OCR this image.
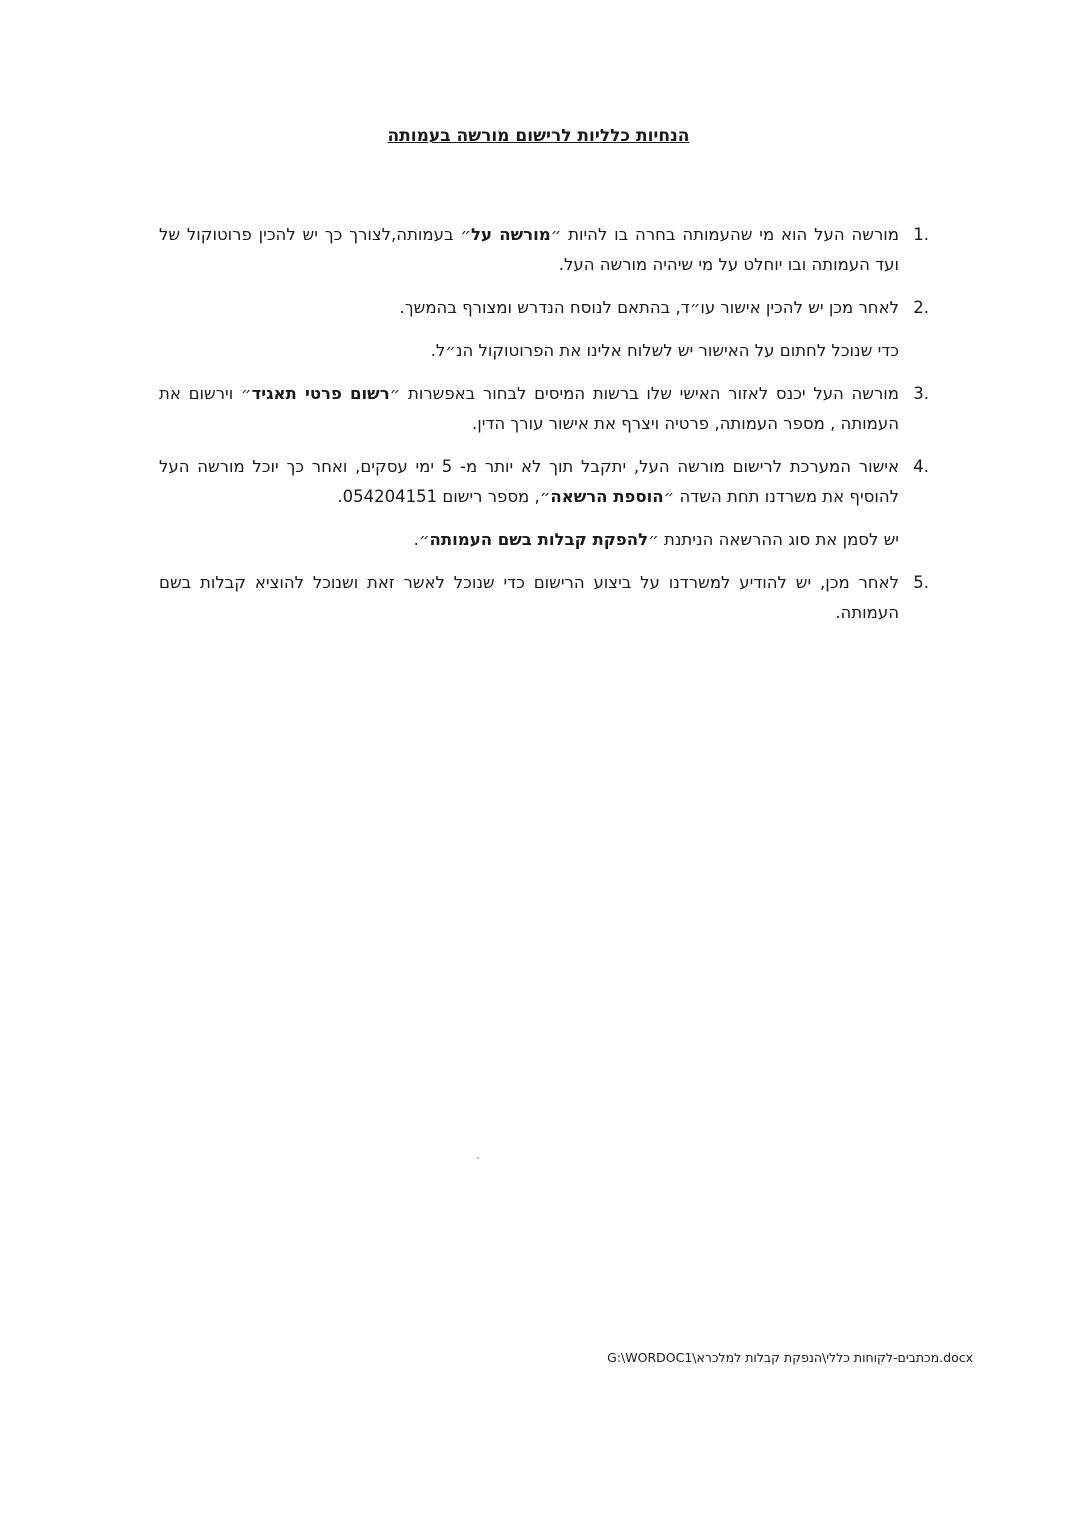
הנחיות כלליות לרישום מורשה בעמותה
1.
מורשה העל הוא מי שהעמותה בחרה בו להיות ״מורשה על״ בעמותה,לצורך כך יש להכין פרוטוקול של ועד העמותה ובו יוחלט על מי שיהיה מורשה העל.
2.
לאחר מכן יש להכין אישור עו״ד, בהתאם לנוסח הנדרש ומצורף בהמשך.
כדי שנוכל לחתום על האישור יש לשלוח אלינו את הפרוטוקול הנ״ל.
3.
מורשה העל יכנס לאזור האישי שלו ברשות המיסים לבחור באפשרות ״רשום פרטי תאגיד״ וירשום את העמותה , מספר העמותה, פרטיה ויצרף את אישור עורך הדין.
4.
אישור המערכת לרישום מורשה העל, יתקבל תוך לא יותר מ- 5 ימי עסקים, ואחר כך יוכל מורשה העל להוסיף את משרדנו תחת השדה ״הוספת הרשאה״, מספר רישום 054204151.
יש לסמן את סוג ההרשאה הניתנת ״להפקת קבלות בשם העמותה״.
5.
לאחר מכן, יש להודיע למשרדנו על ביצוע הרישום כדי שנוכל לאשר זאת ושנוכל להוציא קבלות בשם העמותה.
G:\WORDOC1\מכתבים-לקוחות כללי\הנפקת קבלות למלכרא.docx
